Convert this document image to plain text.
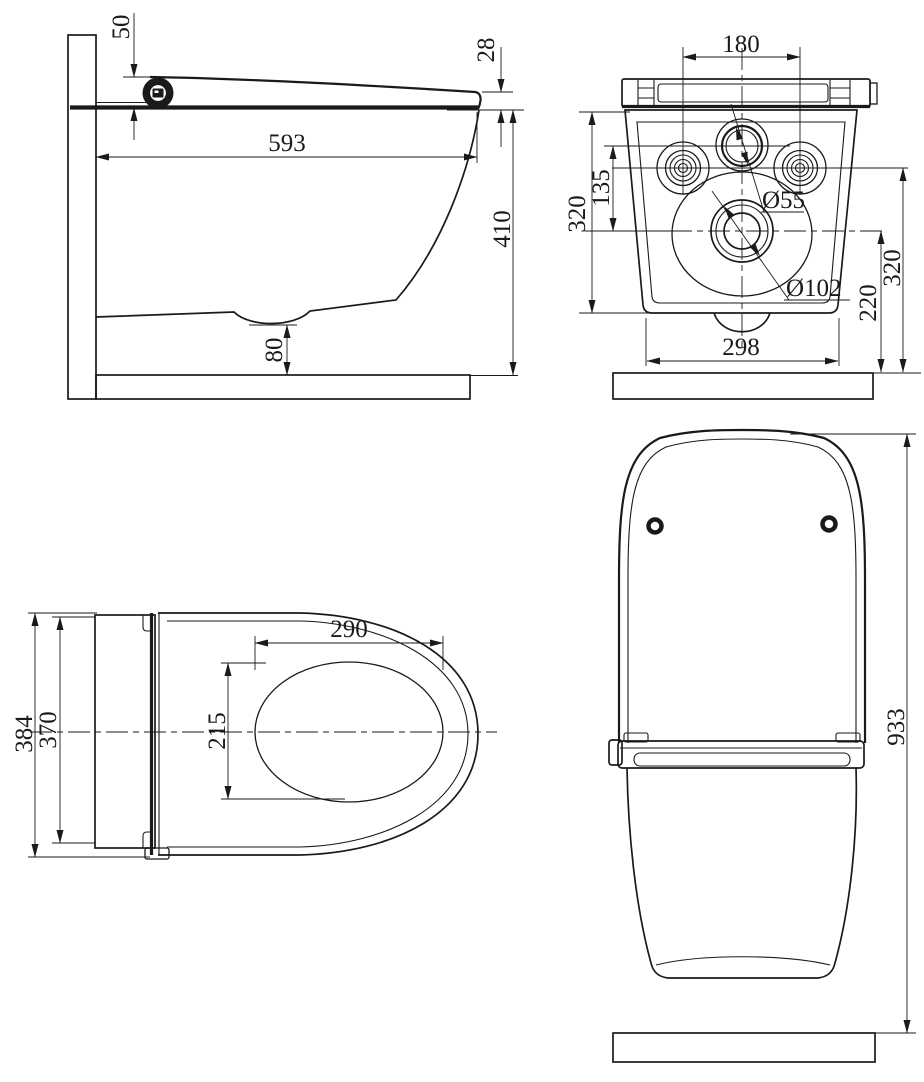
50
28
593
410
80
180
320
135	Ø55
Ø102 220
320
298
290
215
384
370	933
